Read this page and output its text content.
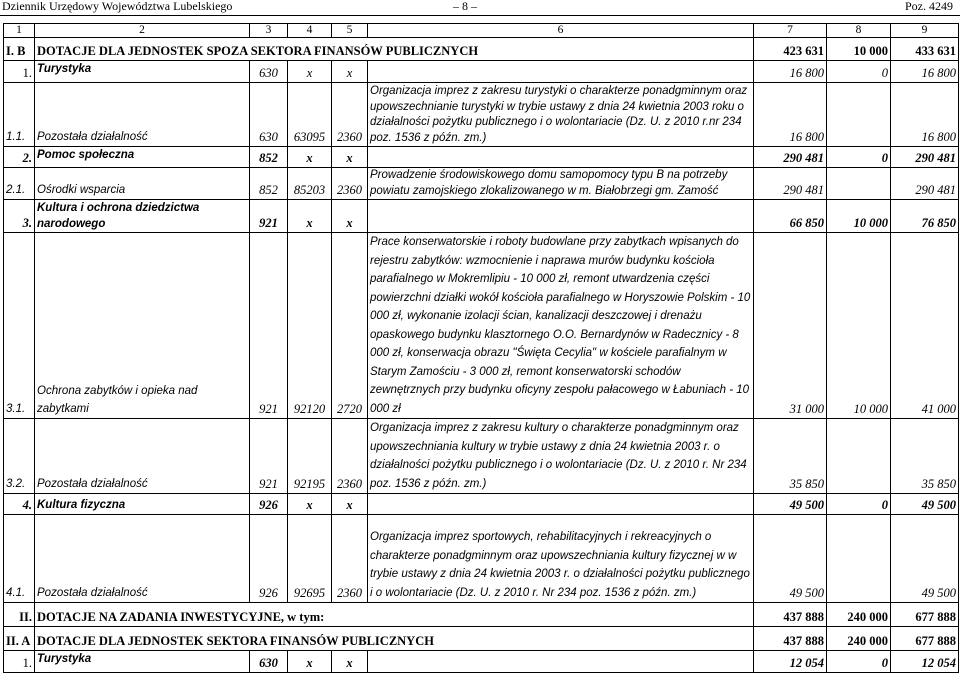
Dziennik Urzędowy Województwa Lubelskiego	– 8 –	Poz. 4249
1	2	3	4	5	6	7	8	9
I. B	DOTACJE DLA JEDNOSTEK SPOZA SEKTORA FINANSÓW PUBLICZNYCH					423 631	10 000	433 631
1.	Turystyka	630	x	x		16 800	0	16 800
1.1.	Pozostała działalność	630	63095	2360	Organizacja imprez z zakresu turystyki o charakterze ponadgminnym oraz upowszechnianie turystyki w trybie ustawy z dnia 24 kwietnia 2003 roku o działalności pożytku publicznego i o wolontariacie (Dz. U. z 2010 r.nr 234 poz. 1536 z późn. zm.)	16 800		16 800
2.	Pomoc społeczna	852	x	x		290 481	0	290 481
2.1.	Ośrodki wsparcia	852	85203	2360	Prowadzenie środowiskowego domu samopomocy typu B na potrzeby powiatu zamojskiego zlokalizowanego w m. Białobrzegi gm. Zamość	290 481		290 481
3.	Kultura i ochrona dziedzictwa narodowego	921	x	x		66 850	10 000	76 850
3.1.	Ochrona zabytków i opieka nad zabytkami	921	92120	2720	Prace konserwatorskie i roboty budowlane przy zabytkach wpisanych do rejestru zabytków: wzmocnienie i naprawa murów budynku kościoła parafialnego w Mokremlipiu - 10 000 zł, remont utwardzenia części powierzchni działki wokół kościoła parafialnego w Horyszowie Polskim - 10 000 zł, wykonanie izolacji ścian, kanalizacji deszczowej i drenażu opaskowego budynku klasztornego O.O. Bernardynów w Radecznicy - 8 000 zł, konserwacja obrazu "Święta Cecylia" w kościele parafialnym w Starym Zamościu - 3 000 zł, remont konserwatorski schodów zewnętrznych przy budynku oficyny zespołu pałacowego w Łabuniach - 10 000 zł	31 000	10 000	41 000
3.2.	Pozostała działalność	921	92195	2360	Organizacja imprez z zakresu kultury o charakterze ponadgminnym oraz upowszechniania kultury w trybie ustawy z dnia 24 kwietnia 2003 r. o działalności pożytku publicznego i o wolontariacie (Dz. U. z 2010 r. Nr 234 poz. 1536 z późn. zm.)	35 850		35 850
4.	Kultura fizyczna	926	x	x		49 500	0	49 500
4.1.	Pozostała działalność	926	92695	2360	Organizacja imprez sportowych, rehabilitacyjnych i rekreacyjnych o charakterze ponadgminnym oraz upowszechniania kultury fizycznej w w trybie ustawy z dnia 24 kwietnia 2003 r. o działalności pożytku publicznego i o wolontariacie (Dz. U. z 2010 r. Nr 234 poz. 1536 z późn. zm.)	49 500		49 500
II.	DOTACJE NA ZADANIA INWESTYCYJNE, w tym:					437 888	240 000	677 888
II. A	DOTACJE DLA JEDNOSTEK SEKTORA FINANSÓW PUBLICZNYCH					437 888	240 000	677 888
1.	Turystyka	630	x	x		12 054	0	12 054
